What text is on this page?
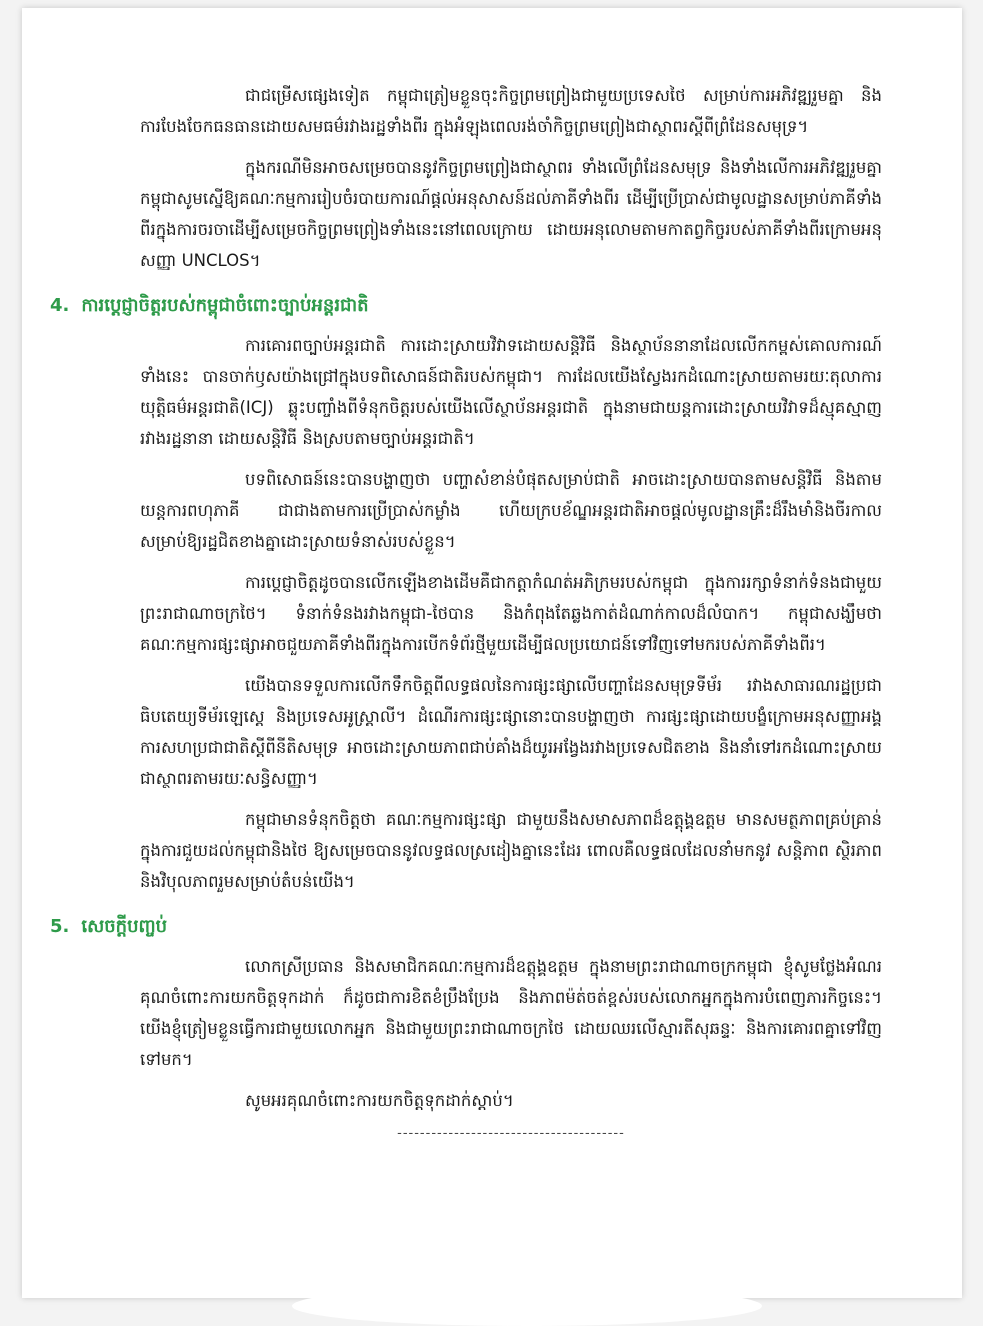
ជាជម្រើសផ្សេងទៀត កម្ពុជាត្រៀមខ្លួនចុះកិច្ចព្រមព្រៀងជាមួយប្រទេសថៃ សម្រាប់ការអភិវឌ្ឍរួមគ្នា និងការបែងចែកធនធានដោយសមធម៌រវាងរដ្ឋទាំងពីរ ក្នុងអំឡុងពេលរង់ចាំកិច្ចព្រមព្រៀងជាស្ថាពរស្តីពីព្រំដែនសមុទ្រ។

ក្នុងករណីមិនអាចសម្រេចបាននូវកិច្ចព្រមព្រៀងជាស្ថាពរ ទាំងលើព្រំដែនសមុទ្រ និងទាំងលើការអភិវឌ្ឍរួមគ្នា កម្ពុជាសូមស្នើឱ្យគណៈកម្មការរៀបចំរបាយការណ៍ផ្តល់អនុសាសន៍ដល់ភាគីទាំងពីរ ដើម្បីប្រើប្រាស់ជាមូលដ្ឋានសម្រាប់ភាគីទាំងពីរក្នុងការចរចាដើម្បីសម្រេចកិច្ចព្រមព្រៀងទាំងនេះនៅពេលក្រោយ ដោយអនុលោមតាមកាតព្វកិច្ចរបស់ភាគីទាំងពីរក្រោមអនុសញ្ញា UNCLOS។

4. ការប្តេជ្ញាចិត្តរបស់កម្ពុជាចំពោះច្បាប់អន្តរជាតិ

ការគោរពច្បាប់អន្តរជាតិ ការដោះស្រាយវិវាទដោយសន្តិវិធី និងស្ថាប័ននានាដែលលើកកម្ពស់គោលការណ៍ទាំងនេះ បានចាក់ឫសយ៉ាងជ្រៅក្នុងបទពិសោធន៍ជាតិរបស់កម្ពុជា។ ការដែលយើងស្វែងរកដំណោះស្រាយតាមរយៈតុលាការយុត្តិធម៌អន្តរជាតិ(ICJ) ឆ្លុះបញ្ចាំងពីទំនុកចិត្តរបស់យើងលើស្ថាប័នអន្តរជាតិ ក្នុងនាមជាយន្តការដោះស្រាយវិវាទដ៏ស្មុគស្មាញរវាងរដ្ឋនានា ដោយសន្តិវិធី និងស្របតាមច្បាប់អន្តរជាតិ។

បទពិសោធន៍នេះបានបង្ហាញថា បញ្ហាសំខាន់បំផុតសម្រាប់ជាតិ អាចដោះស្រាយបានតាមសន្តិវិធី និងតាមយន្តការពហុភាគី ជាជាងតាមការប្រើប្រាស់កម្លាំង ហើយក្របខ័ណ្ឌអន្តរជាតិអាចផ្តល់មូលដ្ឋានគ្រឹះដ៏រឹងមាំនិងចីរកាល សម្រាប់ឱ្យរដ្ឋជិតខាងគ្នាដោះស្រាយទំនាស់របស់ខ្លួន។

ការប្តេជ្ញាចិត្តដូចបានលើកឡើងខាងដើមគឺជាកត្តាកំណត់អភិក្រមរបស់កម្ពុជា ក្នុងការរក្សាទំនាក់ទំនងជាមួយព្រះរាជាណាចក្រថៃ។ ទំនាក់ទំនងរវាងកម្ពុជា-ថៃបាន និងកំពុងតែឆ្លងកាត់ដំណាក់កាលដ៏លំបាក។ កម្ពុជាសង្ឃឹមថា គណៈកម្មការផ្សះផ្សាអាចជួយភាគីទាំងពីរក្នុងការបើកទំព័រថ្មីមួយដើម្បីផលប្រយោជន៍ទៅវិញទៅមករបស់ភាគីទាំងពីរ។

យើងបានទទួលការលើកទឹកចិត្តពីលទ្ធផលនៃការផ្សះផ្សាលើបញ្ហាដែនសមុទ្រទីម័រ រវាងសាធារណរដ្ឋប្រជាធិបតេយ្យទីម័រឡេស្តេ និងប្រទេសអូស្ត្រាលី។ ដំណើរការផ្សះផ្សានោះបានបង្ហាញថា ការផ្សះផ្សាដោយបង្ខំក្រោមអនុសញ្ញាអង្គការសហប្រជាជាតិស្តីពីនីតិសមុទ្រ អាចដោះស្រាយភាពជាប់គាំងដ៏យូរអង្វែងរវាងប្រទេសជិតខាង និងនាំទៅរកដំណោះស្រាយជាស្ថាពរតាមរយៈសន្ធិសញ្ញា។

កម្ពុជាមានទំនុកចិត្តថា គណៈកម្មការផ្សះផ្សា ជាមួយនឹងសមាសភាពដ៏ឧត្តុង្គឧត្តម មានសមត្ថភាពគ្រប់គ្រាន់ក្នុងការជួយដល់កម្ពុជានិងថៃ ឱ្យសម្រេចបាននូវលទ្ធផលស្រដៀងគ្នានេះដែរ ពោលគឺលទ្ធផលដែលនាំមកនូវ សន្តិភាព ស្ថិរភាព និងវិបុលភាពរួមសម្រាប់តំបន់យើង។

5. សេចក្តីបញ្ចប់

លោកស្រីប្រធាន និងសមាជិកគណៈកម្មការដ៏ឧត្តុង្គឧត្តម ក្នុងនាមព្រះរាជាណាចក្រកម្ពុជា ខ្ញុំសូមថ្លែងអំណរគុណចំពោះការយកចិត្តទុកដាក់ ក៏ដូចជាការខិតខំប្រឹងប្រែង និងភាពម៉ត់ចត់ខ្ពស់របស់លោកអ្នកក្នុងការបំពេញភារកិច្ចនេះ។ យើងខ្ញុំត្រៀមខ្លួនធ្វើការជាមួយលោកអ្នក និងជាមួយព្រះរាជាណាចក្រថៃ ដោយឈរលើស្មារតីសុឆន្ទៈ និងការគោរពគ្នាទៅវិញទៅមក។

សូមអរគុណចំពោះការយកចិត្តទុកដាក់ស្តាប់។

----------------------------------------
